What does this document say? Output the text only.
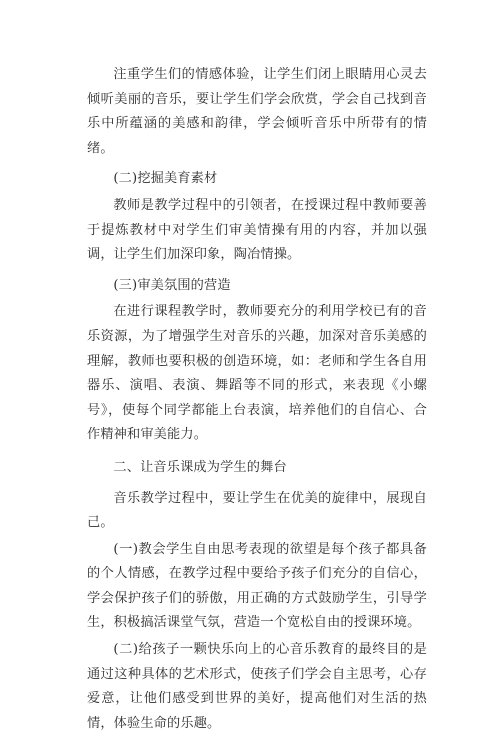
注重学生们的情感体验，让学生们闭上眼睛用心灵去倾听美丽的音乐，要让学生们学会欣赏，学会自己找到音乐中所蕴涵的美感和韵律，学会倾听音乐中所带有的情绪。

(二)挖掘美育素材

教师是教学过程中的引领者，在授课过程中教师要善于提炼教材中对学生们审美情操有用的内容，并加以强调，让学生们加深印象，陶冶情操。

(三)审美氛围的营造

在进行课程教学时，教师要充分的利用学校已有的音乐资源，为了增强学生对音乐的兴趣，加深对音乐美感的理解，教师也要积极的创造环境，如：老师和学生各自用器乐、演唱、表演、舞蹈等不同的形式，来表现《小螺号》，使每个同学都能上台表演，培养他们的自信心、合作精神和审美能力。

二、让音乐课成为学生的舞台

音乐教学过程中，要让学生在优美的旋律中，展现自己。

(一)教会学生自由思考表现的欲望是每个孩子都具备的个人情感，在教学过程中要给予孩子们充分的自信心，学会保护孩子们的骄傲，用正确的方式鼓励学生，引导学生，积极搞活课堂气氛，营造一个宽松自由的授课环境。

(二)给孩子一颗快乐向上的心音乐教育的最终目的是通过这种具体的艺术形式，使孩子们学会自主思考，心存爱意，让他们感受到世界的美好，提高他们对生活的热情，体验生命的乐趣。
